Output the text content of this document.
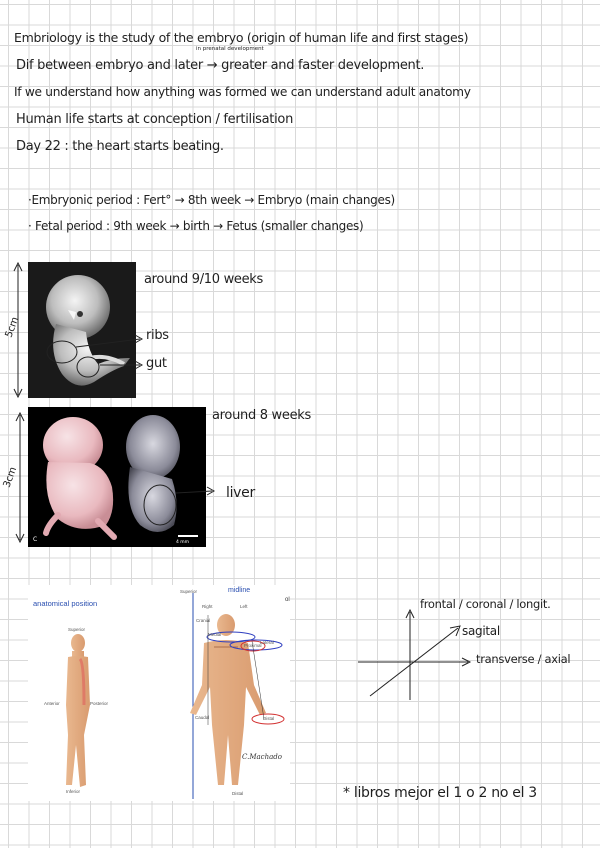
Embriology is the study of the embryo (origin of human life and first stages)
in prenatal development
Dif between embryo and later → greater and faster development.
If we understand how anything was formed we can understand adult anatomy
Human life starts at conception / fertilisation
Day 22 : the heart starts beating.
·Embryonic period : Fert° → 8th week → Embryo (main changes)
· Fetal period : 9th week → birth → Fetus (smaller changes)
5cm
around 9/10 weeks
ribs
gut
C	4 mm
3cm
around 8 weeks
liver
anatomical position
midline
ol
Superior
Anterior	Posterior
Inferior
Superior
Right	Left
Cranial
Medial
Lateral
Proximal
Distal
Caudal
Distal
C.Machado
frontal / coronal / longit.
sagital
transverse / axial
* libros mejor el 1 o 2 no el 3
